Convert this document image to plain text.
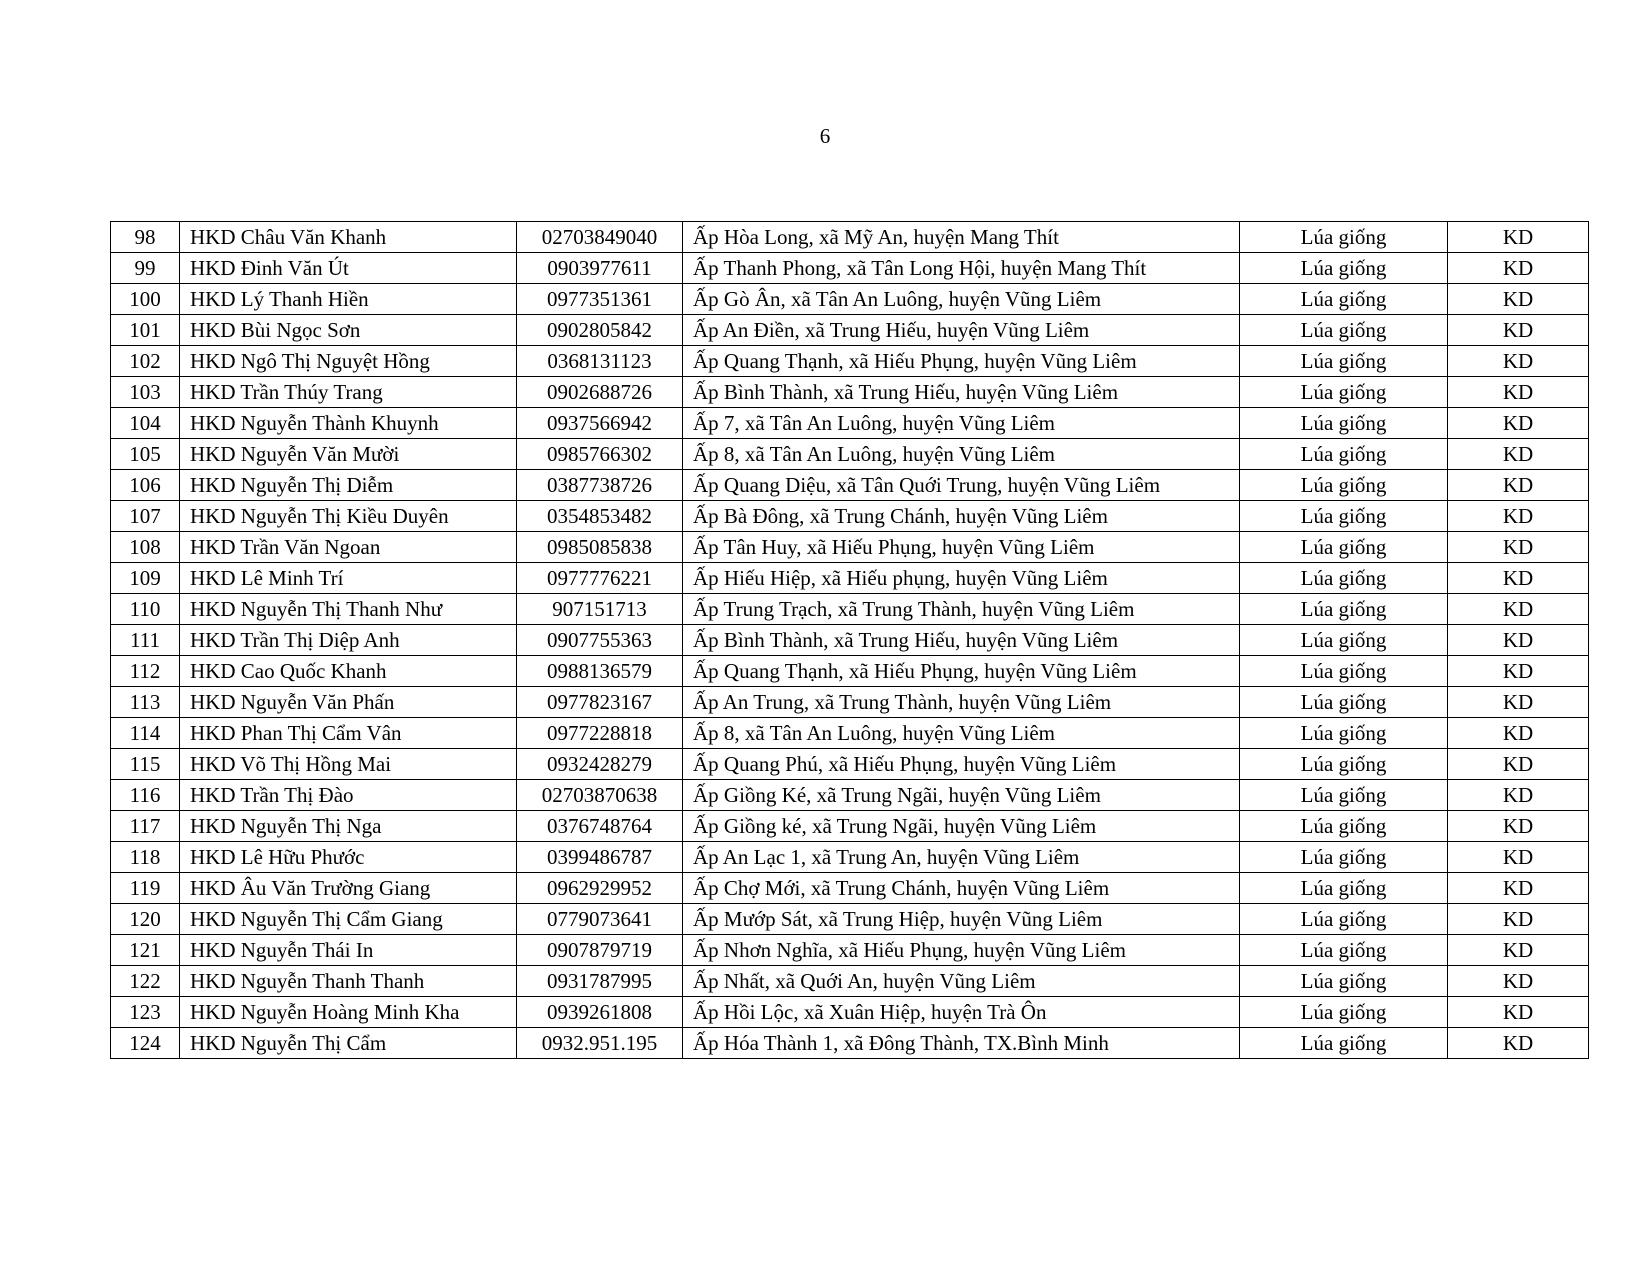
6
98	HKD Châu Văn Khanh	02703849040	Ấp Hòa Long, xã Mỹ An, huyện Mang Thít	Lúa giống	KD
99	HKD Đinh Văn Út	0903977611	Ấp Thanh Phong, xã Tân Long Hội, huyện Mang Thít	Lúa giống	KD
100	HKD Lý Thanh Hiền	0977351361	Ấp Gò Ân, xã Tân An Luông, huyện Vũng Liêm	Lúa giống	KD
101	HKD Bùi Ngọc Sơn	0902805842	Ấp An Điền, xã Trung Hiếu, huyện Vũng Liêm	Lúa giống	KD
102	HKD Ngô Thị Nguyệt Hồng	0368131123	Ấp Quang Thạnh, xã Hiếu Phụng, huyện Vũng Liêm	Lúa giống	KD
103	HKD Trần Thúy Trang	0902688726	Ấp Bình Thành, xã Trung Hiếu, huyện Vũng Liêm	Lúa giống	KD
104	HKD Nguyễn Thành Khuynh	0937566942	Ấp 7, xã Tân An Luông, huyện Vũng Liêm	Lúa giống	KD
105	HKD Nguyễn Văn Mười	0985766302	Ấp 8, xã Tân An Luông, huyện Vũng Liêm	Lúa giống	KD
106	HKD Nguyễn Thị Diễm	0387738726	Ấp Quang Diệu, xã Tân Quới Trung, huyện Vũng Liêm	Lúa giống	KD
107	HKD Nguyễn Thị Kiều Duyên	0354853482	Ấp Bà Đông, xã Trung Chánh, huyện Vũng Liêm	Lúa giống	KD
108	HKD Trần Văn Ngoan	0985085838	Ấp Tân Huy, xã Hiếu Phụng, huyện Vũng Liêm	Lúa giống	KD
109	HKD Lê Minh Trí	0977776221	Ấp Hiếu Hiệp, xã Hiếu phụng, huyện Vũng Liêm	Lúa giống	KD
110	HKD Nguyễn Thị Thanh Như	907151713	Ấp Trung Trạch, xã Trung Thành, huyện Vũng Liêm	Lúa giống	KD
111	HKD Trần Thị Diệp Anh	0907755363	Ấp Bình Thành, xã Trung Hiếu, huyện Vũng Liêm	Lúa giống	KD
112	HKD Cao Quốc Khanh	0988136579	Ấp Quang Thạnh, xã Hiếu Phụng, huyện Vũng Liêm	Lúa giống	KD
113	HKD Nguyễn Văn Phấn	0977823167	Ấp An Trung, xã Trung Thành, huyện Vũng Liêm	Lúa giống	KD
114	HKD Phan Thị Cẩm Vân	0977228818	Ấp 8, xã Tân An Luông, huyện Vũng Liêm	Lúa giống	KD
115	HKD Võ Thị Hồng Mai	0932428279	Ấp Quang Phú, xã Hiếu Phụng, huyện Vũng Liêm	Lúa giống	KD
116	HKD Trần Thị Đào	02703870638	Ấp Giồng Ké, xã Trung Ngãi, huyện Vũng Liêm	Lúa giống	KD
117	HKD Nguyễn Thị Nga	0376748764	Ấp Giồng ké, xã Trung Ngãi, huyện Vũng Liêm	Lúa giống	KD
118	HKD Lê Hữu Phước	0399486787	Ấp An Lạc 1, xã Trung An, huyện Vũng Liêm	Lúa giống	KD
119	HKD Âu Văn Trường Giang	0962929952	Ấp Chợ Mới, xã Trung Chánh, huyện Vũng Liêm	Lúa giống	KD
120	HKD Nguyễn Thị Cẩm Giang	0779073641	Ấp Mướp Sát, xã Trung Hiệp, huyện Vũng Liêm	Lúa giống	KD
121	HKD Nguyễn Thái In	0907879719	Ấp Nhơn Nghĩa, xã Hiếu Phụng, huyện Vũng Liêm	Lúa giống	KD
122	HKD Nguyễn Thanh Thanh	0931787995	Ấp Nhất, xã Quới An, huyện Vũng Liêm	Lúa giống	KD
123	HKD Nguyễn Hoàng Minh Kha	0939261808	Ấp Hồi Lộc, xã Xuân Hiệp, huyện Trà Ôn	Lúa giống	KD
124	HKD Nguyễn Thị Cẩm	0932.951.195	Ấp Hóa Thành 1, xã Đông Thành, TX.Bình Minh	Lúa giống	KD
